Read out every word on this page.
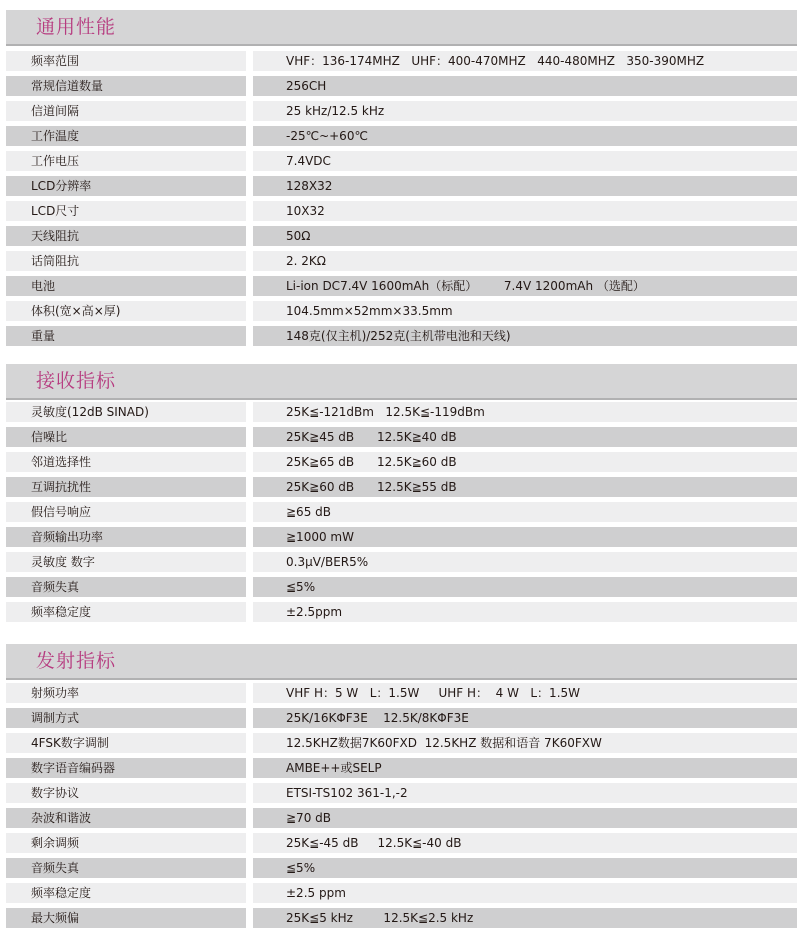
通用性能
频率范围	VHF：136-174MHZ   UHF：400-470MHZ   440-480MHZ   350-390MHZ
常规信道数量	256CH
信道间隔	25 kHz/12.5 kHz
工作温度	-25℃~+60℃
工作电压	7.4VDC
LCD分辨率	128X32
LCD尺寸	10X32
天线阻抗	50Ω
话筒阻抗	2. 2KΩ
电池	Li-ion DC7.4V 1600mAh（标配）       7.4V 1200mAh （选配）
体积(宽×高×厚)	104.5mm×52mm×33.5mm
重量	148克(仅主机)/252克(主机带电池和天线)
接收指标
灵敏度(12dB SINAD)	25K≦-121dBm   12.5K≦-119dBm
信噪比	25K≧45 dB      12.5K≧40 dB
邻道选择性	25K≧65 dB      12.5K≧60 dB
互调抗扰性	25K≧60 dB      12.5K≧55 dB
假信号响应	≧65 dB
音频输出功率	≧1000 mW
灵敏度 数字	0.3μV/BER5%
音频失真	≦5%
频率稳定度	±2.5ppm
发射指标
射频功率	VHF H：5 W   L：1.5W     UHF H：  4 W   L：1.5W
调制方式	25K/16KΦF3E    12.5K/8KΦF3E
4FSK数字调制	12.5KHZ数据7K60FXD  12.5KHZ 数据和语音 7K60FXW
数字语音编码器	AMBE++或SELP
数字协议	ETSI-TS102 361-1,-2
杂波和谐波	≧70 dB
剩余调频	25K≦-45 dB     12.5K≦-40 dB
音频失真	≦5%
频率稳定度	±2.5 ppm
最大频偏	25K≦5 kHz        12.5K≦2.5 kHz
